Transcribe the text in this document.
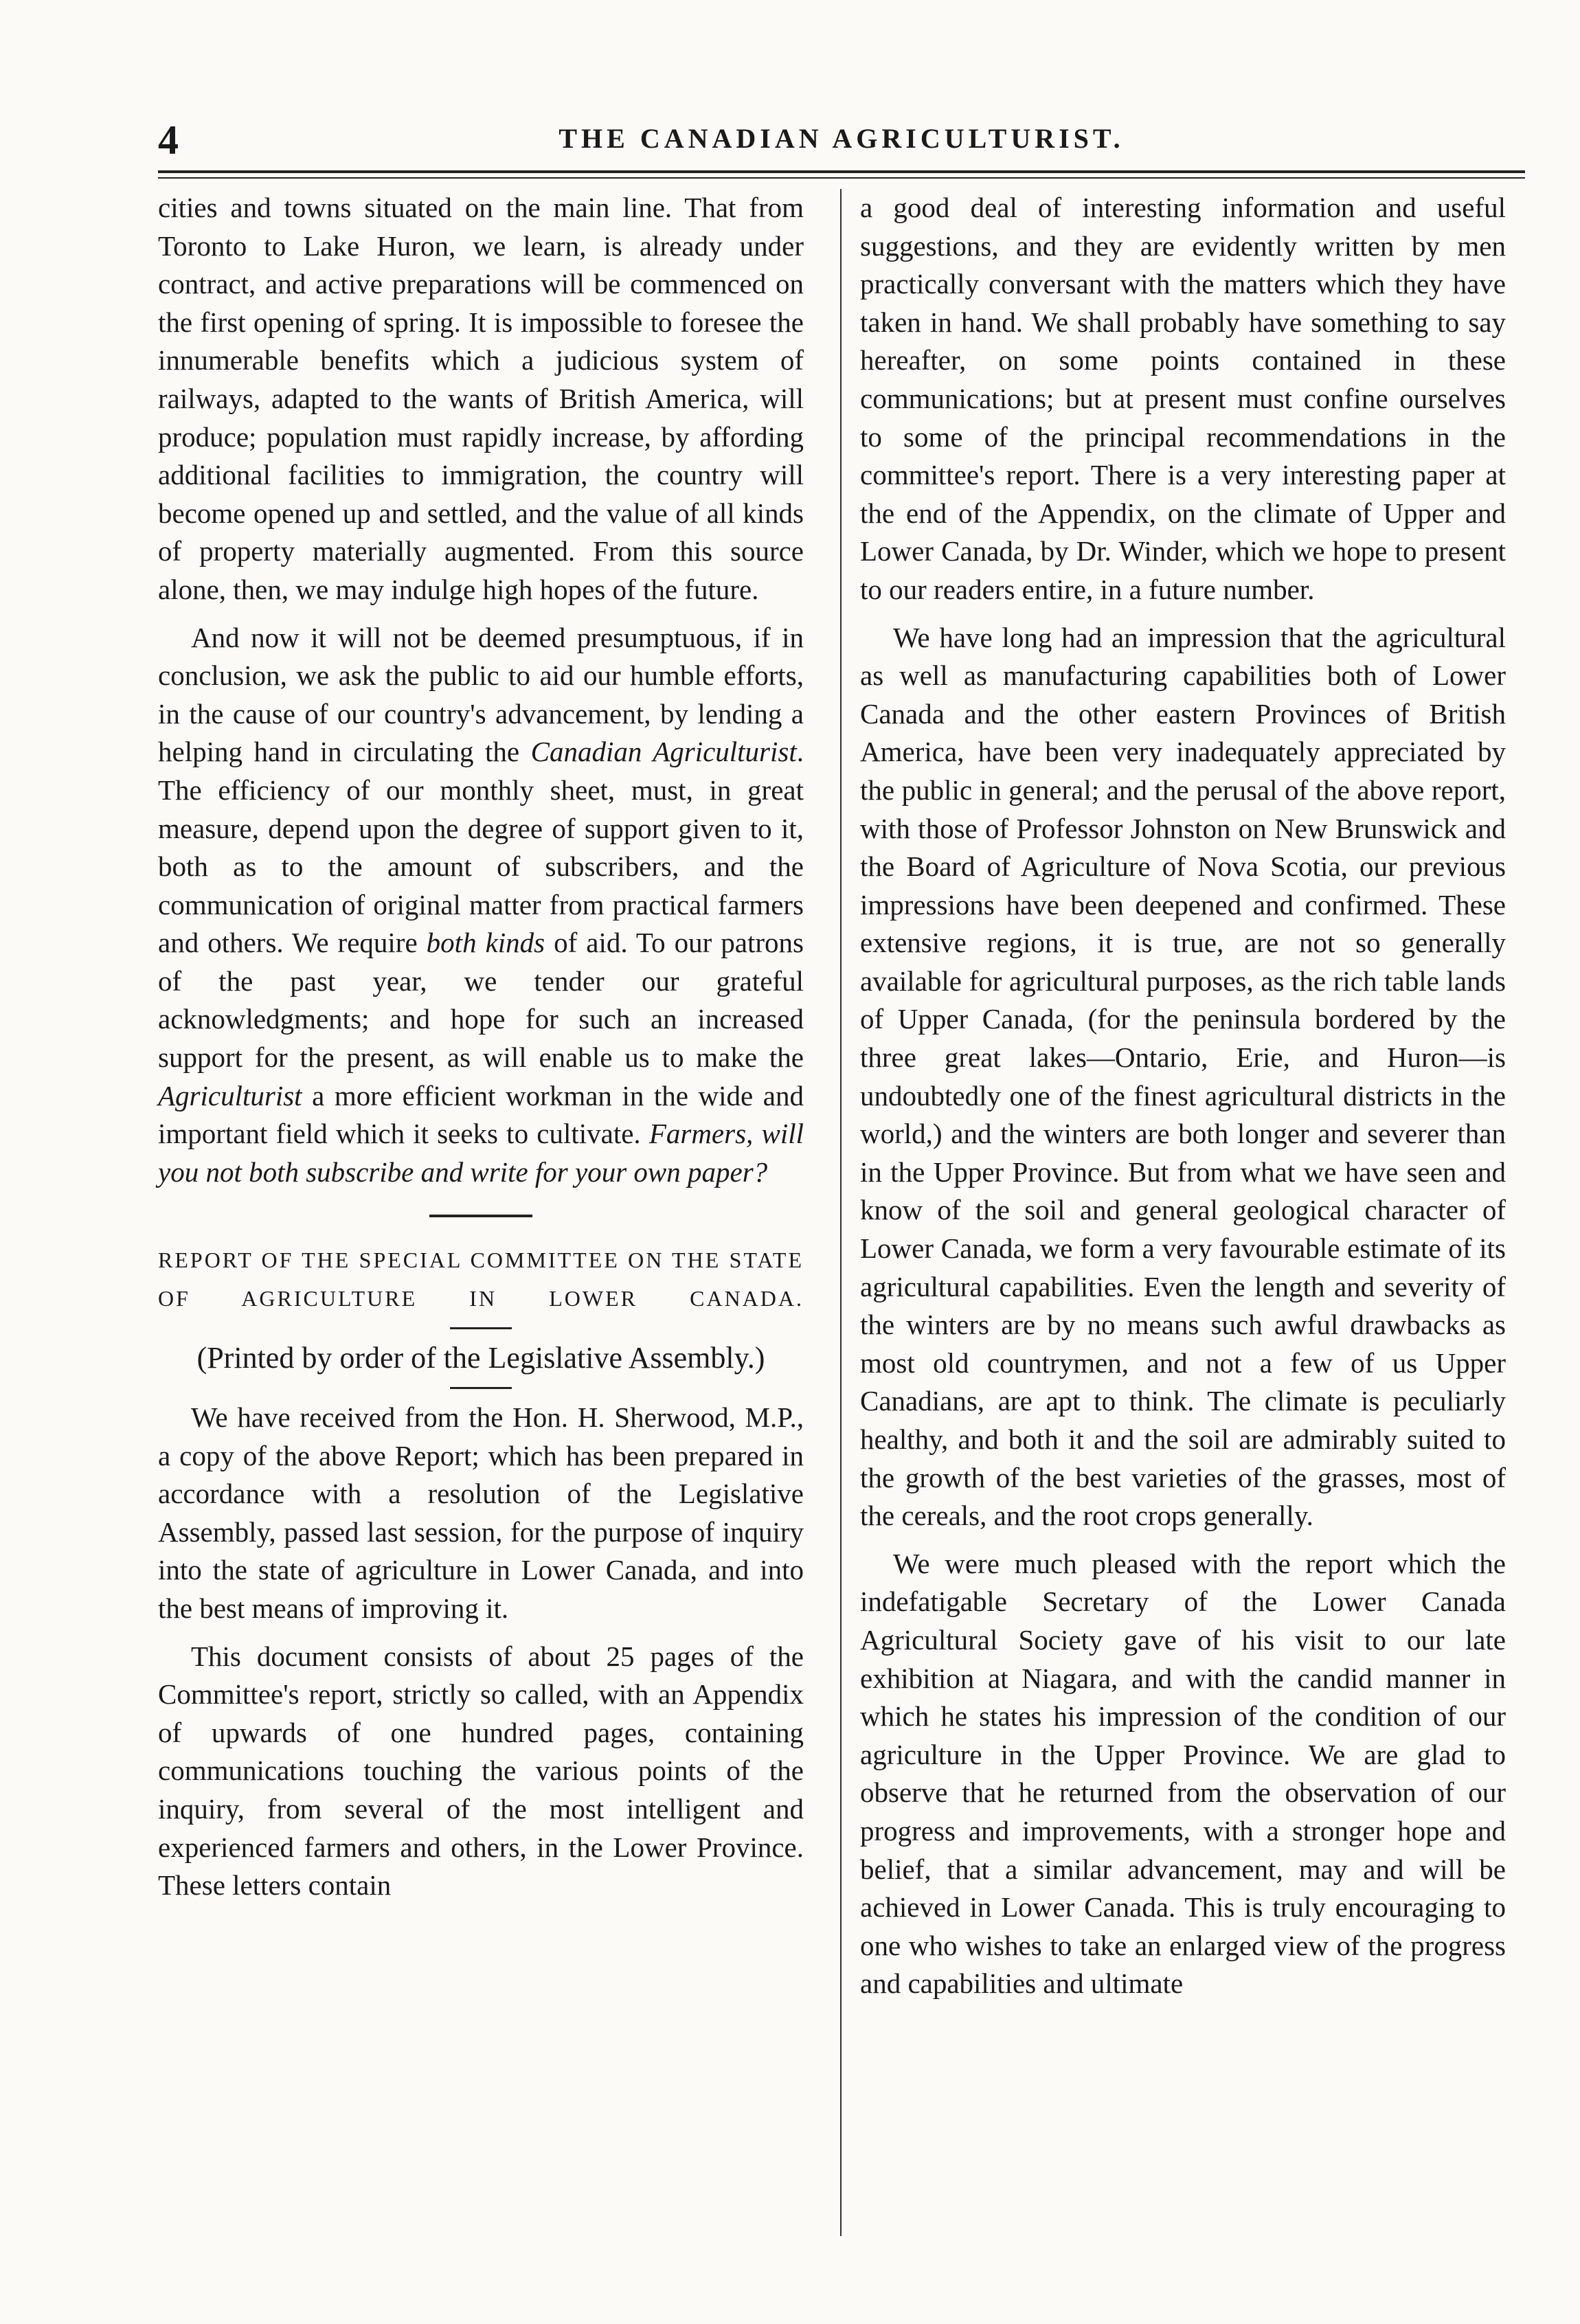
4	THE CANADIAN AGRICULTURIST.

cities and towns situated on the main line. That from Toronto to Lake Huron, we learn, is already under contract, and active preparations will be commenced on the first opening of spring. It is impossible to foresee the innumerable benefits which a judicious system of railways, adapted to the wants of British America, will produce; population must rapidly increase, by affording additional facilities to immigration, the country will become opened up and settled, and the value of all kinds of property materially augmented. From this source alone, then, we may indulge high hopes of the future.

And now it will not be deemed presumptuous, if in conclusion, we ask the public to aid our humble efforts, in the cause of our country's advancement, by lending a helping hand in circulating the Canadian Agriculturist. The efficiency of our monthly sheet, must, in great measure, depend upon the degree of support given to it, both as to the amount of subscribers, and the communication of original matter from practical farmers and others. We require both kinds of aid. To our patrons of the past year, we tender our grateful acknowledgments; and hope for such an increased support for the present, as will enable us to make the Agriculturist a more efficient workman in the wide and important field which it seeks to cultivate. Farmers, will you not both subscribe and write for your own paper?

REPORT OF THE SPECIAL COMMITTEE ON THE STATE OF AGRICULTURE IN LOWER CANADA.

(Printed by order of the Legislative Assembly.)

We have received from the Hon. H. Sherwood, M.P., a copy of the above Report; which has been prepared in accordance with a resolution of the Legislative Assembly, passed last session, for the purpose of inquiry into the state of agriculture in Lower Canada, and into the best means of improving it.

This document consists of about 25 pages of the Committee's report, strictly so called, with an Appendix of upwards of one hundred pages, containing communications touching the various points of the inquiry, from several of the most intelligent and experienced farmers and others, in the Lower Province. These letters contain

a good deal of interesting information and useful suggestions, and they are evidently written by men practically conversant with the matters which they have taken in hand. We shall probably have something to say hereafter, on some points contained in these communications; but at present must confine ourselves to some of the principal recommendations in the committee's report. There is a very interesting paper at the end of the Appendix, on the climate of Upper and Lower Canada, by Dr. Winder, which we hope to present to our readers entire, in a future number.

We have long had an impression that the agricultural as well as manufacturing capabilities both of Lower Canada and the other eastern Provinces of British America, have been very inadequately appreciated by the public in general; and the perusal of the above report, with those of Professor Johnston on New Brunswick and the Board of Agriculture of Nova Scotia, our previous impressions have been deepened and confirmed. These extensive regions, it is true, are not so generally available for agricultural purposes, as the rich table lands of Upper Canada, (for the peninsula bordered by the three great lakes—Ontario, Erie, and Huron—is undoubtedly one of the finest agricultural districts in the world,) and the winters are both longer and severer than in the Upper Province. But from what we have seen and know of the soil and general geological character of Lower Canada, we form a very favourable estimate of its agricultural capabilities. Even the length and severity of the winters are by no means such awful drawbacks as most old countrymen, and not a few of us Upper Canadians, are apt to think. The climate is peculiarly healthy, and both it and the soil are admirably suited to the growth of the best varieties of the grasses, most of the cereals, and the root crops generally.

We were much pleased with the report which the indefatigable Secretary of the Lower Canada Agricultural Society gave of his visit to our late exhibition at Niagara, and with the candid manner in which he states his impression of the condition of our agriculture in the Upper Province. We are glad to observe that he returned from the observation of our progress and improvements, with a stronger hope and belief, that a similar advancement, may and will be achieved in Lower Canada. This is truly encouraging to one who wishes to take an enlarged view of the progress and capabilities and ultimate
